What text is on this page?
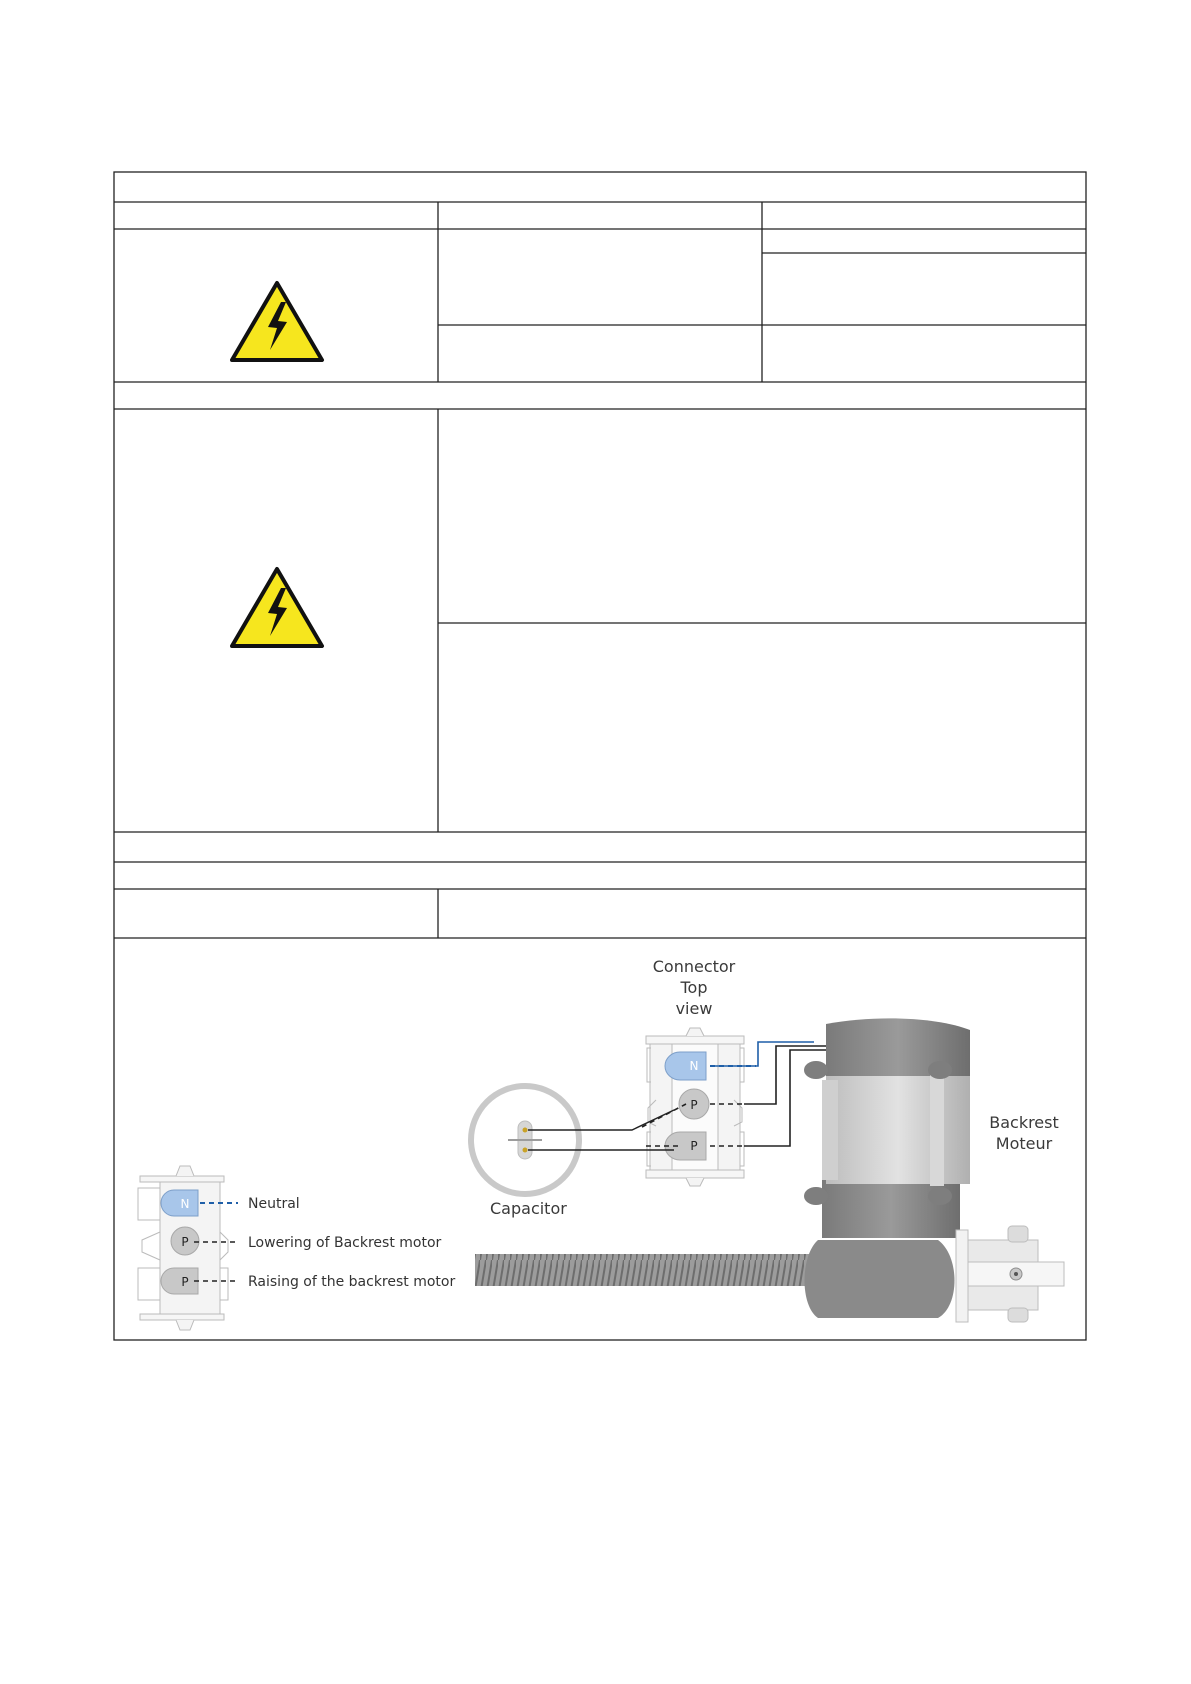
Connector
Top
view
N
P
P
Capacitor
Backrest
Moteur
N	Neutral
P	Lowering of Backrest motor
P	Raising of the backrest motor
